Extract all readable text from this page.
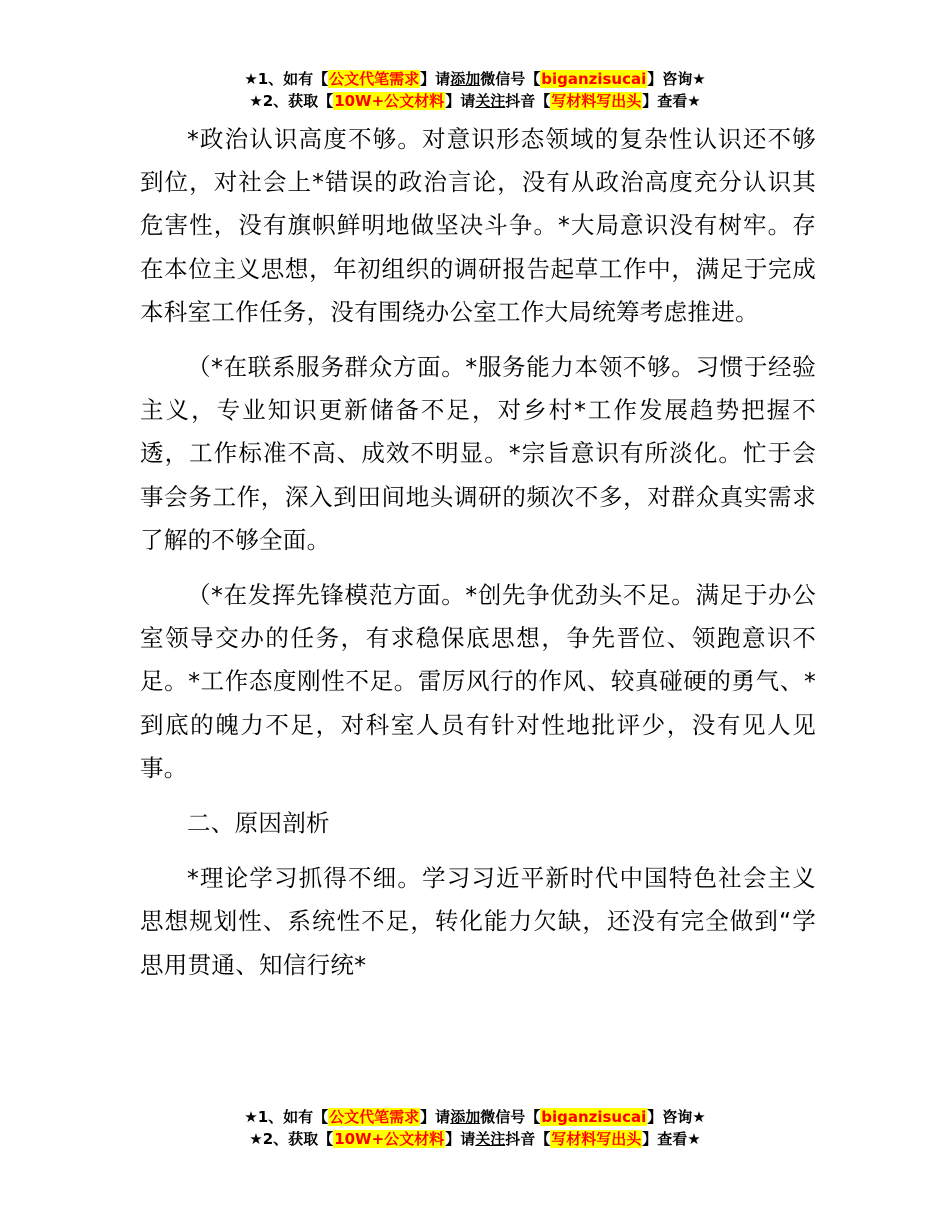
★1、如有【公文代笔需求】请添加微信号【biganzisucai】咨询★
★2、获取【10W+公文材料】请关注抖音【写材料写出头】查看★

*政治认识高度不够。对意识形态领域的复杂性认识还不够到位，对社会上*错误的政治言论，没有从政治高度充分认识其危害性，没有旗帜鲜明地做坚决斗争。*大局意识没有树牢。存在本位主义思想，年初组织的调研报告起草工作中，满足于完成本科室工作任务，没有围绕办公室工作大局统筹考虑推进。

（*在联系服务群众方面。*服务能力本领不够。习惯于经验主义，专业知识更新储备不足，对乡村*工作发展趋势把握不透，工作标准不高、成效不明显。*宗旨意识有所淡化。忙于会事会务工作，深入到田间地头调研的频次不多，对群众真实需求了解的不够全面。

（*在发挥先锋模范方面。*创先争优劲头不足。满足于办公室领导交办的任务，有求稳保底思想，争先晋位、领跑意识不足。*工作态度刚性不足。雷厉风行的作风、较真碰硬的勇气、*到底的魄力不足，对科室人员有针对性地批评少，没有见人见事。

二、原因剖析

*理论学习抓得不细。学习习近平新时代中国特色社会主义思想规划性、系统性不足，转化能力欠缺，还没有完全做到“学思用贯通、知信行统*

★1、如有【公文代笔需求】请添加微信号【biganzisucai】咨询★
★2、获取【10W+公文材料】请关注抖音【写材料写出头】查看★
